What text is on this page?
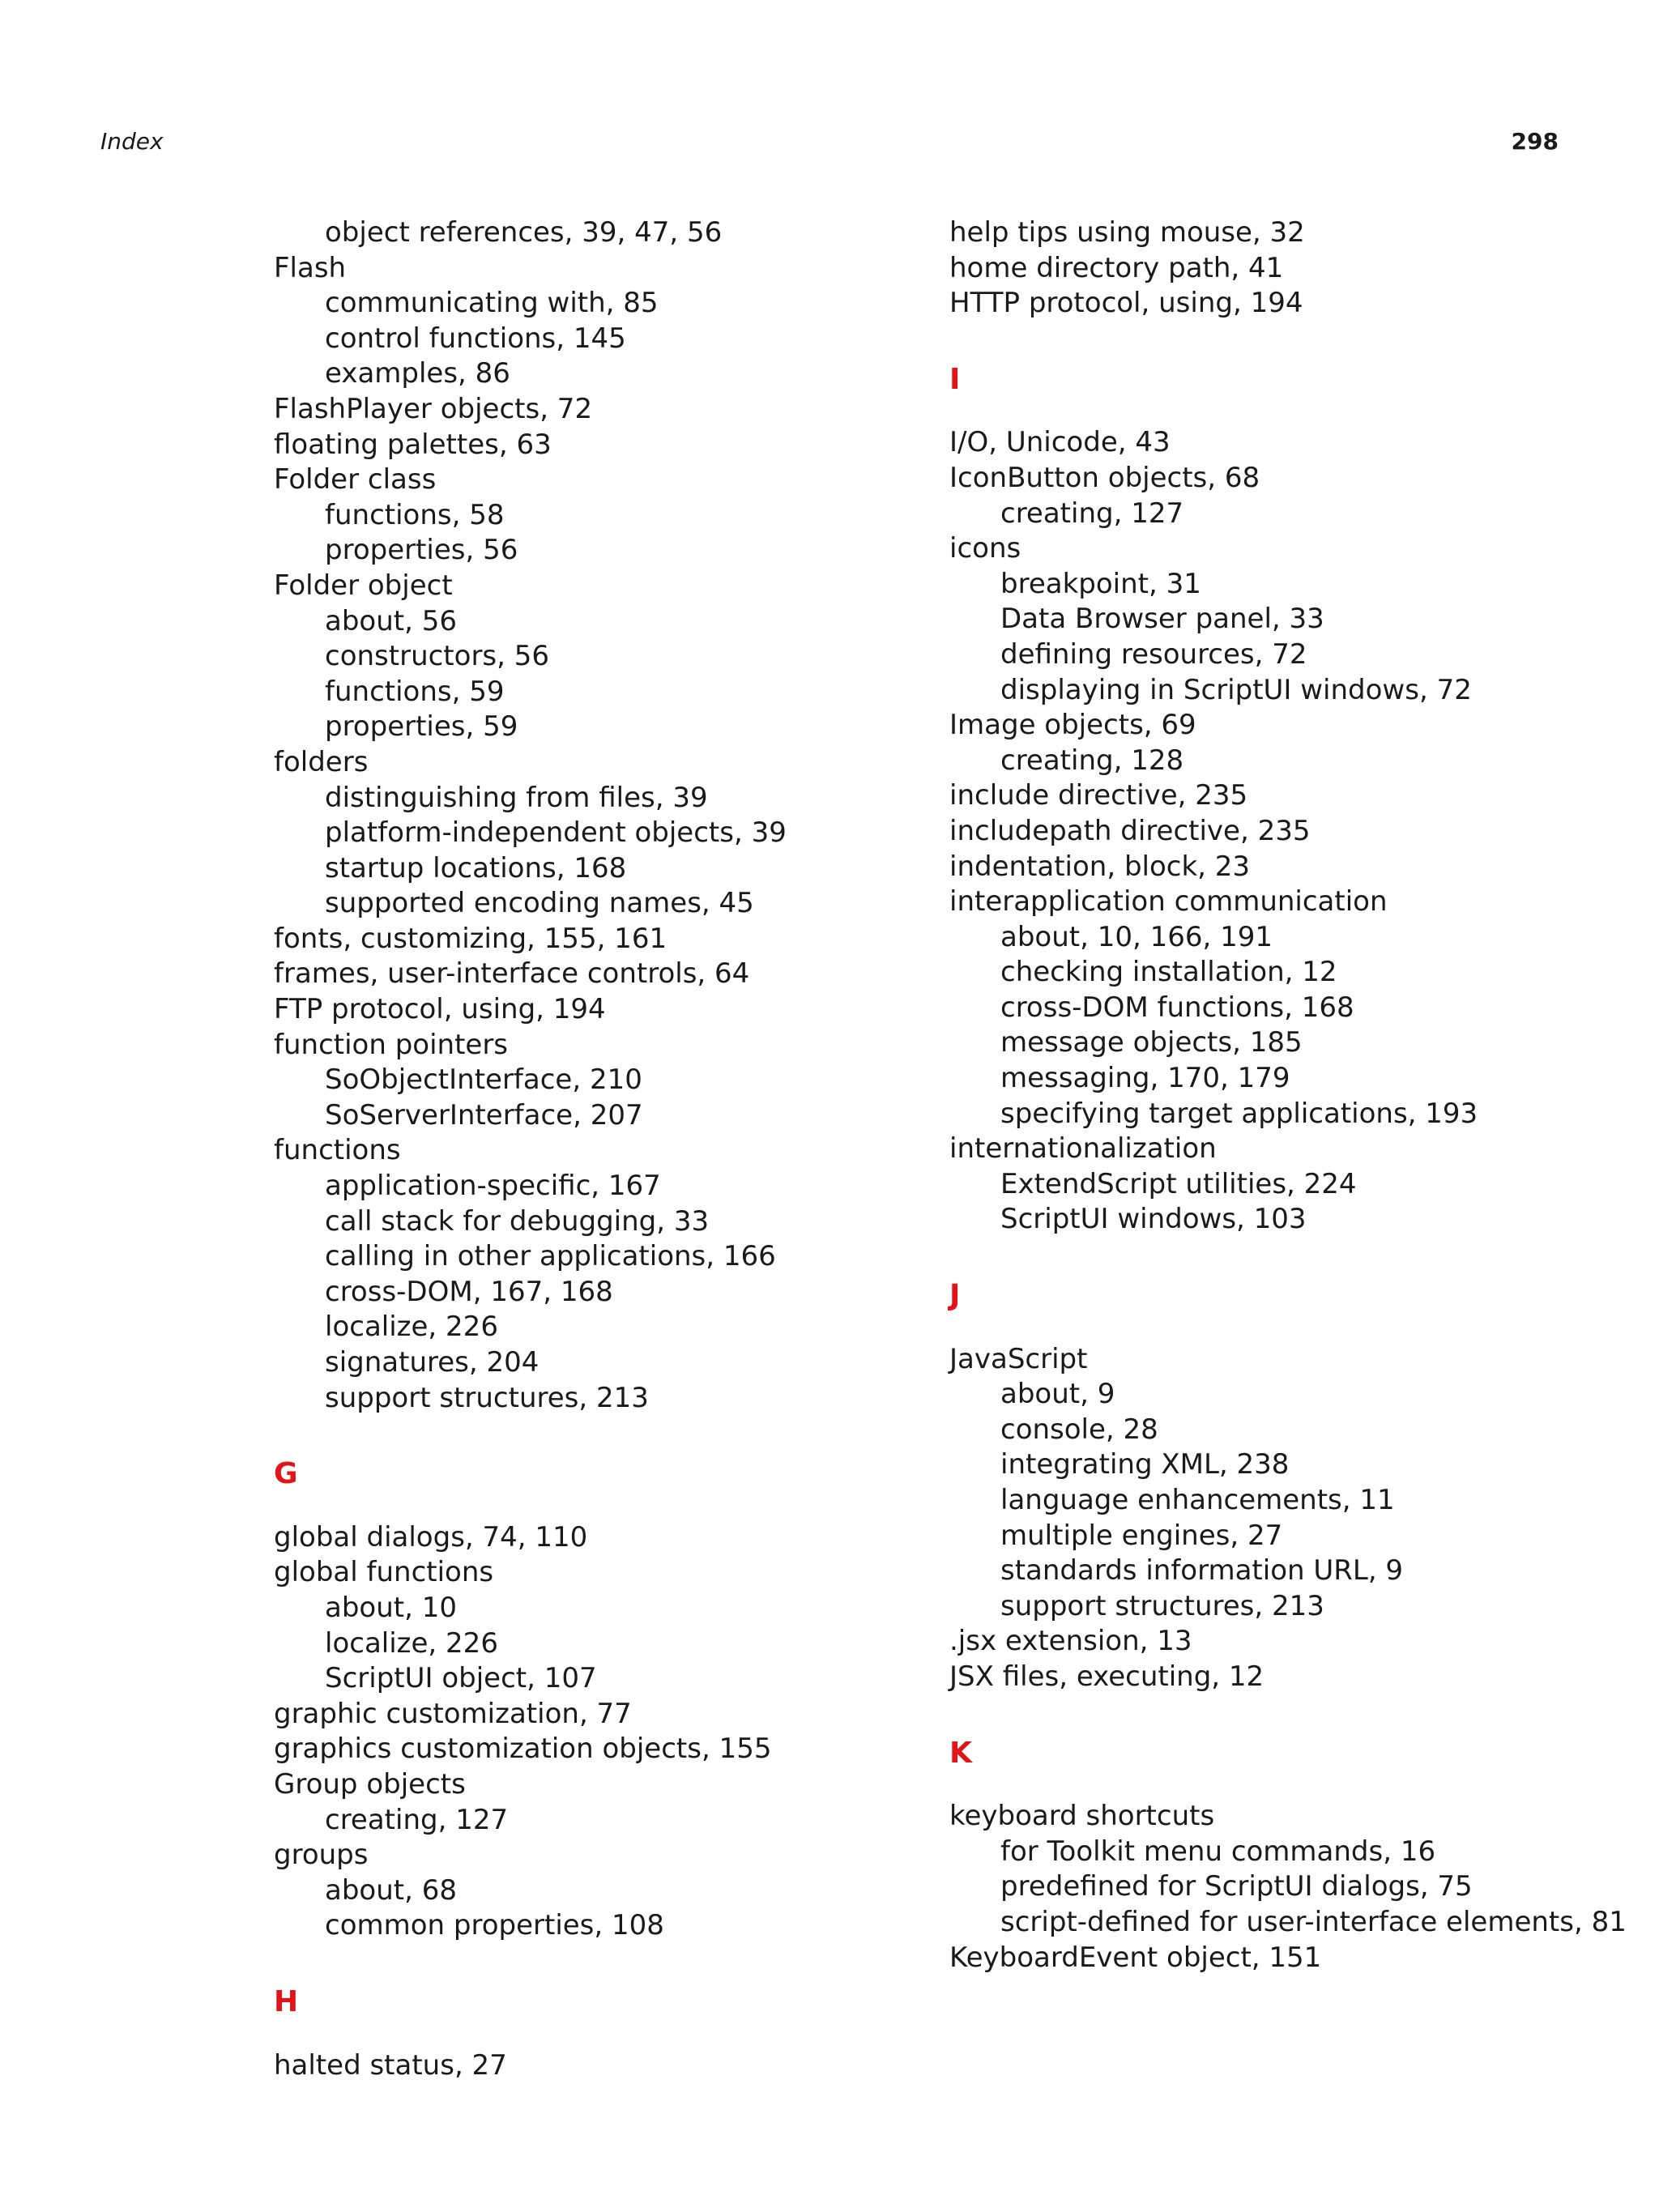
Index	298
object references, 39, 47, 56
Flash
communicating with, 85
control functions, 145
examples, 86
FlashPlayer objects, 72
floating palettes, 63
Folder class
functions, 58
properties, 56
Folder object
about, 56
constructors, 56
functions, 59
properties, 59
folders
distinguishing from files, 39
platform-independent objects, 39
startup locations, 168
supported encoding names, 45
fonts, customizing, 155, 161
frames, user-interface controls, 64
FTP protocol, using, 194
function pointers
SoObjectInterface, 210
SoServerInterface, 207
functions
application-specific, 167
call stack for debugging, 33
calling in other applications, 166
cross-DOM, 167, 168
localize, 226
signatures, 204
support structures, 213
G
global dialogs, 74, 110
global functions
about, 10
localize, 226
ScriptUI object, 107
graphic customization, 77
graphics customization objects, 155
Group objects
creating, 127
groups
about, 68
common properties, 108
H
halted status, 27
help tips using mouse, 32
home directory path, 41
HTTP protocol, using, 194
I
I/O, Unicode, 43
IconButton objects, 68
creating, 127
icons
breakpoint, 31
Data Browser panel, 33
defining resources, 72
displaying in ScriptUI windows, 72
Image objects, 69
creating, 128
include directive, 235
includepath directive, 235
indentation, block, 23
interapplication communication
about, 10, 166, 191
checking installation, 12
cross-DOM functions, 168
message objects, 185
messaging, 170, 179
specifying target applications, 193
internationalization
ExtendScript utilities, 224
ScriptUI windows, 103
J
JavaScript
about, 9
console, 28
integrating XML, 238
language enhancements, 11
multiple engines, 27
standards information URL, 9
support structures, 213
.jsx extension, 13
JSX files, executing, 12
K
keyboard shortcuts
for Toolkit menu commands, 16
predefined for ScriptUI dialogs, 75
script-defined for user-interface elements, 81
KeyboardEvent object, 151
